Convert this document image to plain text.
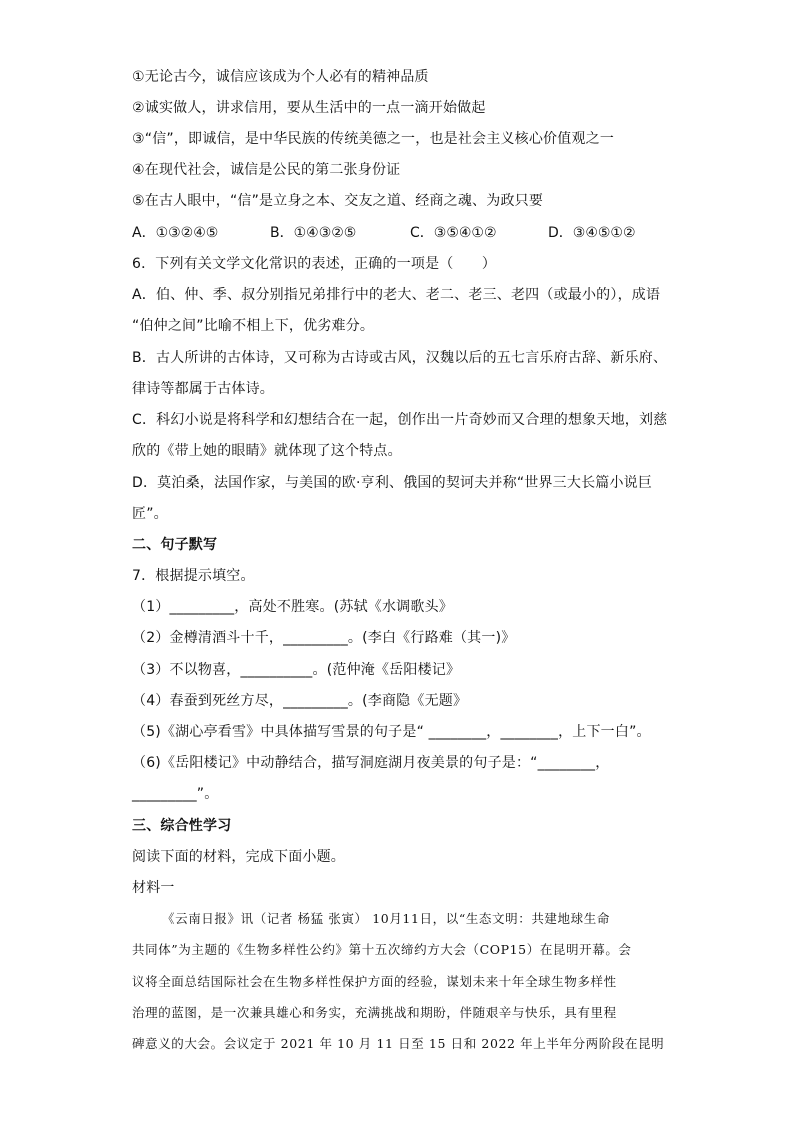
①无论古今，诚信应该成为个人必有的精神品质
②诚实做人，讲求信用，要从生活中的一点一滴开始做起
③“信”，即诚信，是中华民族的传统美德之一，也是社会主义核心价值观之一
④在现代社会，诚信是公民的第二张身份证
⑤在古人眼中，“信”是立身之本、交友之道、经商之魂、为政只要
A．①③②④⑤	B．①④③②⑤	C．③⑤④①②	D．③④⑤①②
6．下列有关文学文化常识的表述，正确的一项是（　　）
A．伯、仲、季、叔分别指兄弟排行中的老大、老二、老三、老四（或最小的），成语
“伯仲之间”比喻不相上下，优劣难分。
B．古人所讲的古体诗，又可称为古诗或古风，汉魏以后的五七言乐府古辞、新乐府、
律诗等都属于古体诗。
C．科幻小说是将科学和幻想结合在一起，创作出一片奇妙而又合理的想象天地，刘慈
欣的《带上她的眼睛》就体现了这个特点。
D．莫泊桑，法国作家，与美国的欧·亨利、俄国的契诃夫并称“世界三大长篇小说巨
匠”。
二、句子默写
7．根据提示填空。
（1）_________，高处不胜寒。(苏轼《水调歌头》
（2）金樽清酒斗十千，_________。(李白《行路难（其一)》
（3）不以物喜，__________。(范仲淹《岳阳楼记》
（4）春蚕到死丝方尽，_________。(李商隐《无题》
（5)《湖心亭看雪》中具体描写雪景的句子是“ ________，________，上下一白”。
（6)《岳阳楼记》中动静结合，描写洞庭湖月夜美景的句子是：“________，
_________”。
三、综合性学习
阅读下面的材料，完成下面小题。
材料一
《云南日报》讯（记者 杨猛 张寅） 10月11日，以“生态文明：共建地球生命
共同体”为主题的《生物多样性公约》第十五次缔约方大会（COP15）在昆明开幕。会
议将全面总结国际社会在生物多样性保护方面的经验，谋划未来十年全球生物多样性
治理的蓝图，是一次兼具雄心和务实，充满挑战和期盼，伴随艰辛与快乐，具有里程
碑意义的大会。会议定于 2021 年 10 月 11 日至 15 日和 2022 年上半年分两阶段在昆明
